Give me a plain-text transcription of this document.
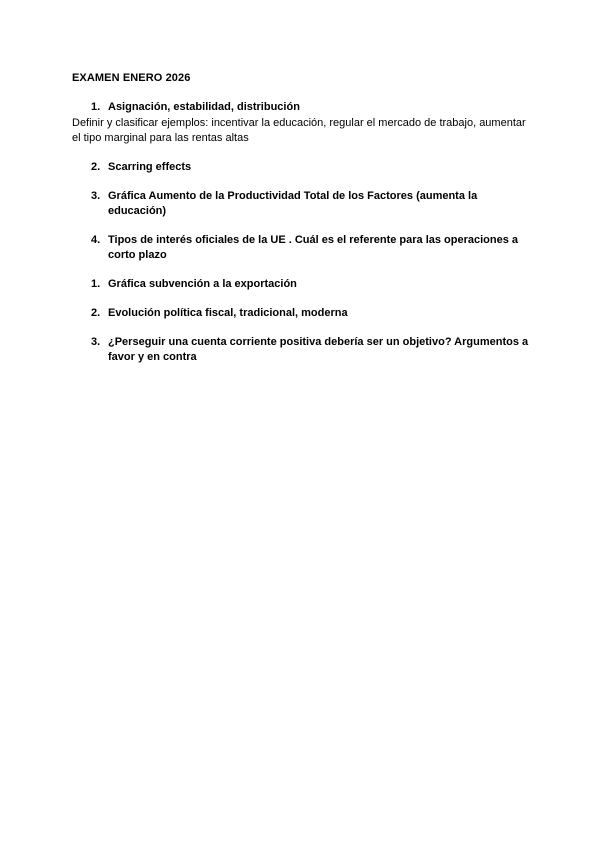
EXAMEN ENERO 2026
1. Asignación, estabilidad, distribución
Definir y clasificar ejemplos: incentivar la educación, regular el mercado de trabajo, aumentar el tipo marginal para las rentas altas
2. Scarring effects
3. Gráfica Aumento de la Productividad Total de los Factores (aumenta la educación)
4. Tipos de interés oficiales de la UE . Cuál es el referente para las operaciones a corto plazo
1. Gráfica subvención a la exportación
2. Evolución política fiscal, tradicional, moderna
3. ¿Perseguir una cuenta corriente positiva debería ser un objetivo? Argumentos a favor y en contra
